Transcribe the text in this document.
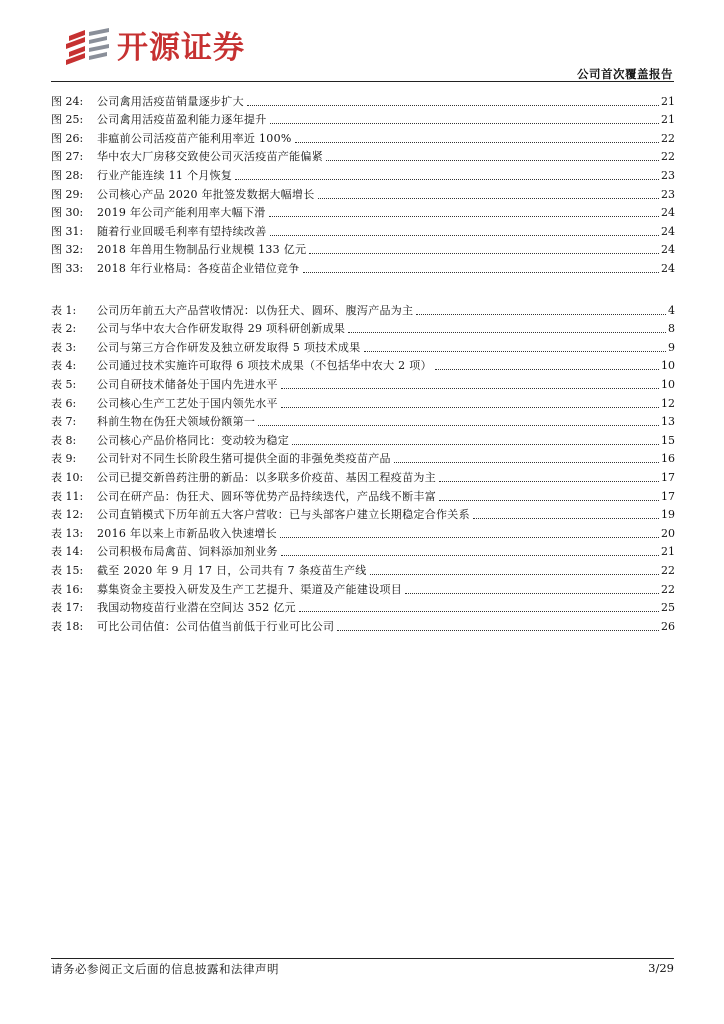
开源证券
公司首次覆盖报告
图 24:	公司禽用活疫苗销量逐步扩大	21
图 25:	公司禽用活疫苗盈利能力逐年提升	21
图 26:	非瘟前公司活疫苗产能利用率近 100%	22
图 27:	华中农大厂房移交致使公司灭活疫苗产能偏紧	22
图 28:	行业产能连续 11 个月恢复	23
图 29:	公司核心产品 2020 年批签发数据大幅增长	23
图 30:	2019 年公司产能利用率大幅下滑	24
图 31:	随着行业回暖毛利率有望持续改善	24
图 32:	2018 年兽用生物制品行业规模 133 亿元	24
图 33:	2018 年行业格局：各疫苗企业错位竞争	24
表 1:	公司历年前五大产品营收情况：以伪狂犬、圆环、腹泻产品为主	4
表 2:	公司与华中农大合作研发取得 29 项科研创新成果	8
表 3:	公司与第三方合作研发及独立研发取得 5 项技术成果	9
表 4:	公司通过技术实施许可取得 6 项技术成果（不包括华中农大 2 项）	10
表 5:	公司自研技术储备处于国内先进水平	10
表 6:	公司核心生产工艺处于国内领先水平	12
表 7:	科前生物在伪狂犬领域份额第一	13
表 8:	公司核心产品价格同比：变动较为稳定	15
表 9:	公司针对不同生长阶段生猪可提供全面的非强免类疫苗产品	16
表 10:	公司已提交新兽药注册的新品：以多联多价疫苗、基因工程疫苗为主	17
表 11:	公司在研产品：伪狂犬、圆环等优势产品持续迭代，产品线不断丰富	17
表 12:	公司直销模式下历年前五大客户营收：已与头部客户建立长期稳定合作关系	19
表 13:	2016 年以来上市新品收入快速增长	20
表 14:	公司积极布局禽苗、饲料添加剂业务	21
表 15:	截至 2020 年 9 月 17 日，公司共有 7 条疫苗生产线	22
表 16:	募集资金主要投入研发及生产工艺提升、渠道及产能建设项目	22
表 17:	我国动物疫苗行业潜在空间达 352 亿元	25
表 18:	可比公司估值：公司估值当前低于行业可比公司	26
请务必参阅正文后面的信息披露和法律声明	3/29
